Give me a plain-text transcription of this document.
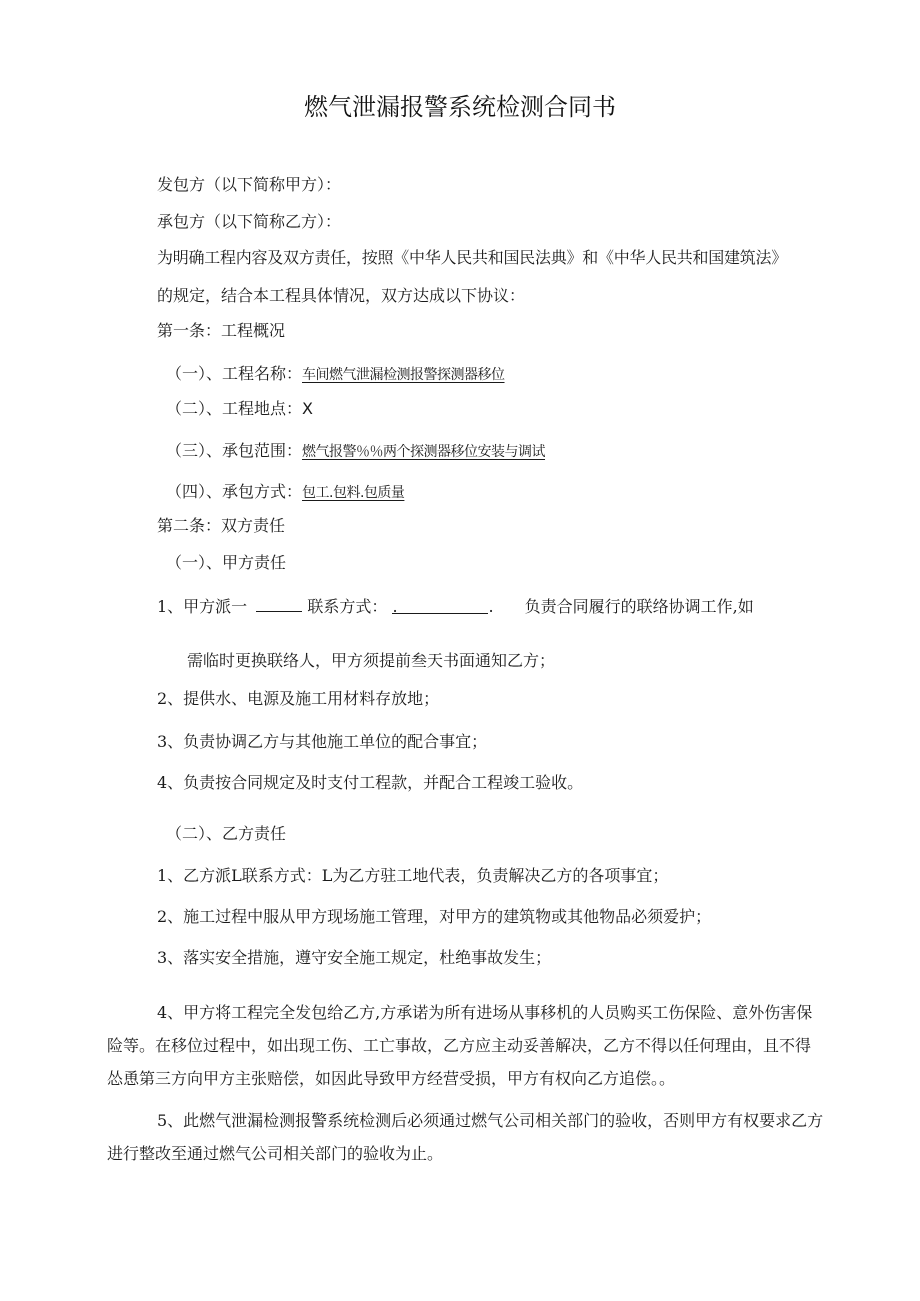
燃气泄漏报警系统检测合同书
发包方（以下简称甲方）：
承包方（以下简称乙方）：
为明确工程内容及双方责任，按照《中华人民共和国民法典》和《中华人民共和国建筑法》
的规定，结合本工程具体情况，双方达成以下协议：
第一条：工程概况
（一）、工程名称：车间燃气泄漏检测报警探测器移位
（二）、工程地点：X
（三）、承包范围：燃气报警％％两个探测器移位安装与调试
（四）、承包方式：包工.包料.包质量
第二条：双方责任
（一）、甲方责任
1、甲方派一	联系方式： .	. 负责合同履行的联络协调工作,如
需临时更换联络人，甲方须提前叁天书面通知乙方；
2、提供水、电源及施工用材料存放地；
3、负责协调乙方与其他施工单位的配合事宜；
4、负责按合同规定及时支付工程款，并配合工程竣工验收。
（二）、乙方责任
1、乙方派L联系方式：L为乙方驻工地代表，负责解决乙方的各项事宜；
2、施工过程中服从甲方现场施工管理，对甲方的建筑物或其他物品必须爱护；
3、落实安全措施，遵守安全施工规定，杜绝事故发生；
4、甲方将工程完全发包给乙方,方承诺为所有进场从事移机的人员购买工伤保险、意外伤害保险等。在移位过程中，如出现工伤、工亡事故，乙方应主动妥善解决，乙方不得以任何理由，且不得怂恿第三方向甲方主张赔偿，如因此导致甲方经营受损，甲方有权向乙方追偿。。
5、此燃气泄漏检测报警系统检测后必须通过燃气公司相关部门的验收，否则甲方有权要求乙方进行整改至通过燃气公司相关部门的验收为止。
